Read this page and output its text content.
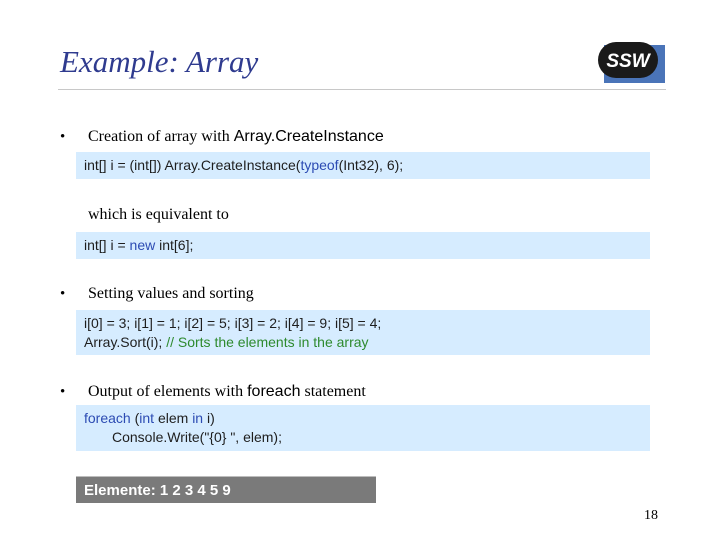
Example: Array	SSW
• Creation of array with Array.CreateInstance
int[] i = (int[]) Array.CreateInstance(typeof(Int32), 6);
which is equivalent to
int[] i = new int[6];
• Setting values and sorting
i[0] = 3; i[1] = 1; i[2] = 5; i[3] = 2; i[4] = 9; i[5] = 4;
Array.Sort(i); // Sorts the elements in the array
• Output of elements with foreach statement
foreach (int elem in i)
Console.Write("{0} ", elem);
Elemente: 1 2 3 4 5 9
18
